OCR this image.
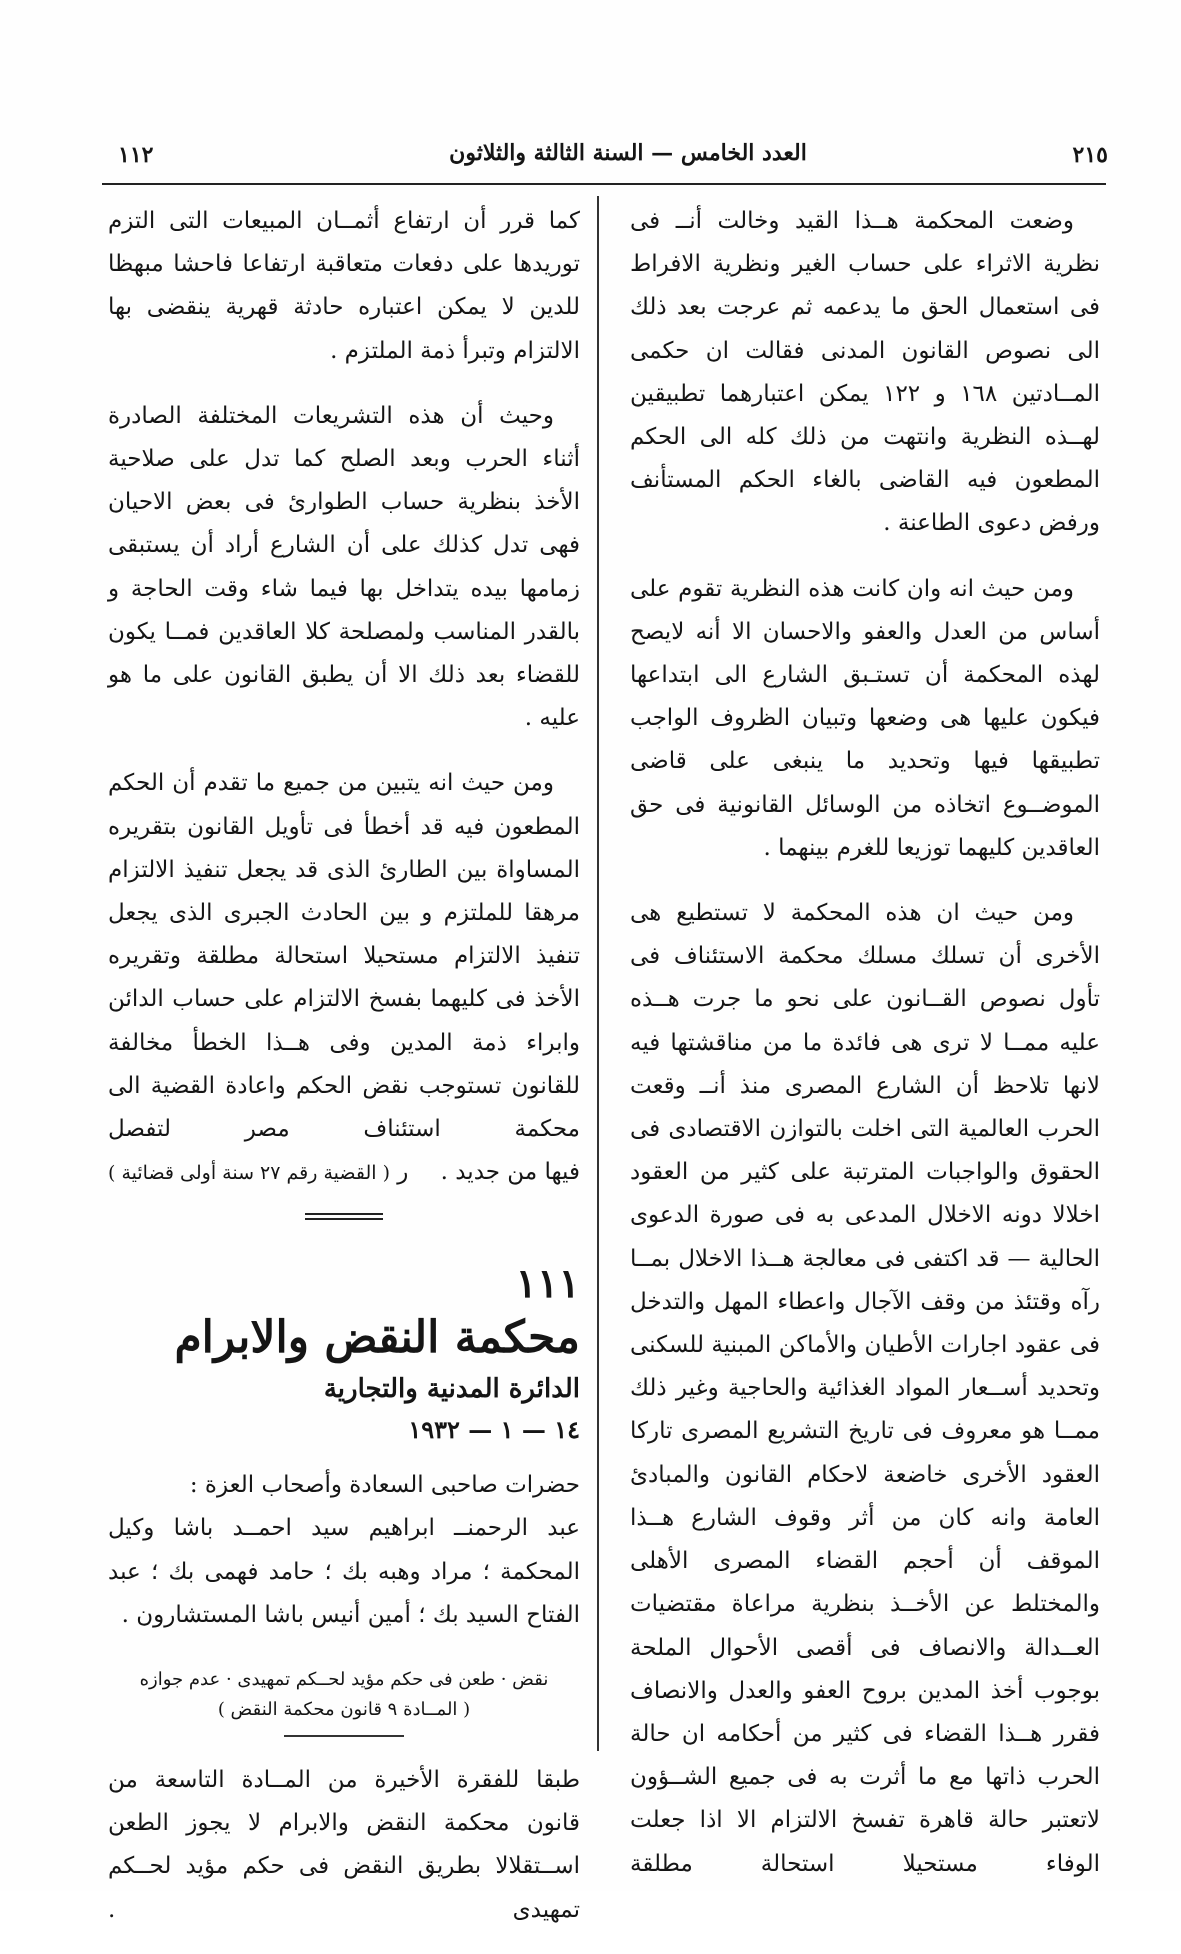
٢١٥
العدد الخامس — السنة الثالثة والثلاثون
١١٢

وضعت المحكمة هــذا القيد وخالت أنــ فى نظرية الاثراء على حساب الغير ونظرية الافراط فى استعمال الحق ما يدعمه ثم عرجت بعد ذلك الى نصوص القانون المدنى فقالت ان حكمى المــادتين ١٦٨ و ١٢٢ يمكن اعتبارهما تطبيقين لهــذه النظرية وانتهت من ذلك كله الى الحكم المطعون فيه القاضى بالغاء الحكم المستأنف ورفض دعوى الطاعنة .

ومن حيث انه وان كانت هذه النظرية تقوم على أساس من العدل والعفو والاحسان الا أنه لايصح لهذه المحكمة أن تستـبق الشارع الى ابتداعها فيكون عليها هى وضعها وتبيان الظروف الواجب تطبيقها فيها وتحديد ما ينبغى على قاضى الموضــوع اتخاذه من الوسائل القانونية فى حق العاقدين كليهما توزيعا للغرم بينهما .

ومن حيث ان هذه المحكمة لا تستطيع هى الأخرى أن تسلك مسلك محكمة الاستئناف فى تأول نصوص القــانون على نحو ما جرت هــذه عليه ممــا لا ترى هى فائدة ما من مناقشتها فيه لانها تلاحظ أن الشارع المصرى منذ أنــ وقعت الحرب العالمية التى اخلت بالتوازن الاقتصادى فى الحقوق والواجبات المترتبة على كثير من العقود اخلالا دونه الاخلال المدعى به فى صورة الدعوى الحالية — قد اكتفى فى معالجة هــذا الاخلال بمــا رآه وقتئذ من وقف الآجال واعطاء المهل والتدخل فى عقود اجارات الأطيان والأماكن المبنية للسكنى وتحديد أســعار المواد الغذائية والحاجية وغير ذلك ممــا هو معروف فى تاريخ التشريع المصرى تاركا العقود الأخرى خاضعة لاحكام القانون والمبادئ العامة وانه كان من أثر وقوف الشارع هــذا الموقف أن أحجم القضاء المصرى الأهلى والمختلط عن الأخــذ بنظرية مراعاة مقتضيات العــدالة والانصاف فى أقصى الأحوال الملحة بوجوب أخذ المدين بروح العفو والعدل والانصاف فقرر هــذا القضاء فى كثير من أحكامه ان حالة الحرب ذاتها مع ما أثرت به فى جميع الشــؤون لاتعتبر حالة قاهرة تفسخ الالتزام الا اذا جعلت الوفاء مستحيلا استحالة مطلقة

كما قرر أن ارتفاع أثمــان المبيعات التى التزم توريدها على دفعات متعاقبة ارتفاعا فاحشا مبهظا للدين لا يمكن اعتباره حادثة قهرية ينقضى بها الالتزام وتبرأ ذمة الملتزم .

وحيث أن هذه التشريعات المختلفة الصادرة أثناء الحرب وبعد الصلح كما تدل على صلاحية الأخذ بنظرية حساب الطوارئ فى بعض الاحيان فهى تدل كذلك على أن الشارع أراد أن يستبقى زمامها بيده يتداخل بها فيما شاء وقت الحاجة و بالقدر المناسب ولمصلحة كلا العاقدين فمــا يكون للقضاء بعد ذلك الا أن يطبق القانون على ما هو عليه .

ومن حيث انه يتبين من جميع ما تقدم أن الحكم المطعون فيه قد أخطأ فى تأويل القانون بتقريره المساواة بين الطارئ الذى قد يجعل تنفيذ الالتزام مرهقا للملتزم و بين الحادث الجبرى الذى يجعل تنفيذ الالتزام مستحيلا استحالة مطلقة وتقريره الأخذ فى كليهما بفسخ الالتزام على حساب الدائن وابراء ذمة المدين وفى هــذا الخطأ مخالفة للقانون تستوجب نقض الحكم واعادة القضية الى محكمة استئناف مصر لتفصل

فيها من جديد .
ر ( القضية رقم ٢٧ سنة أولى قضائية )
١١١
محكمة النقض والابرام
الدائرة المدنية والتجارية
١٤ — ١ — ١٩٣٢

حضرات صاحبى السعادة وأصحاب العزة :

عبد الرحمنــ ابراهيم سيد احمــد باشا وكيل المحكمة ؛ مراد وهبه بك ؛ حامد فهمى بك ؛ عبد الفتاح السيد بك ؛ أمين أنيس باشا المستشارون .

نقض · طعن فى حكم مؤيد لحــكم تمهيدى · عدم جوازه ( المــادة ٩ قانون محكمة النقض )

طبقا للفقرة الأخيرة من المــادة التاسعة من قانون محكمة النقض والابرام لا يجوز الطعن اســتقلالا بطريق النقض فى حكم مؤيد لحــكم تمهيدى .
